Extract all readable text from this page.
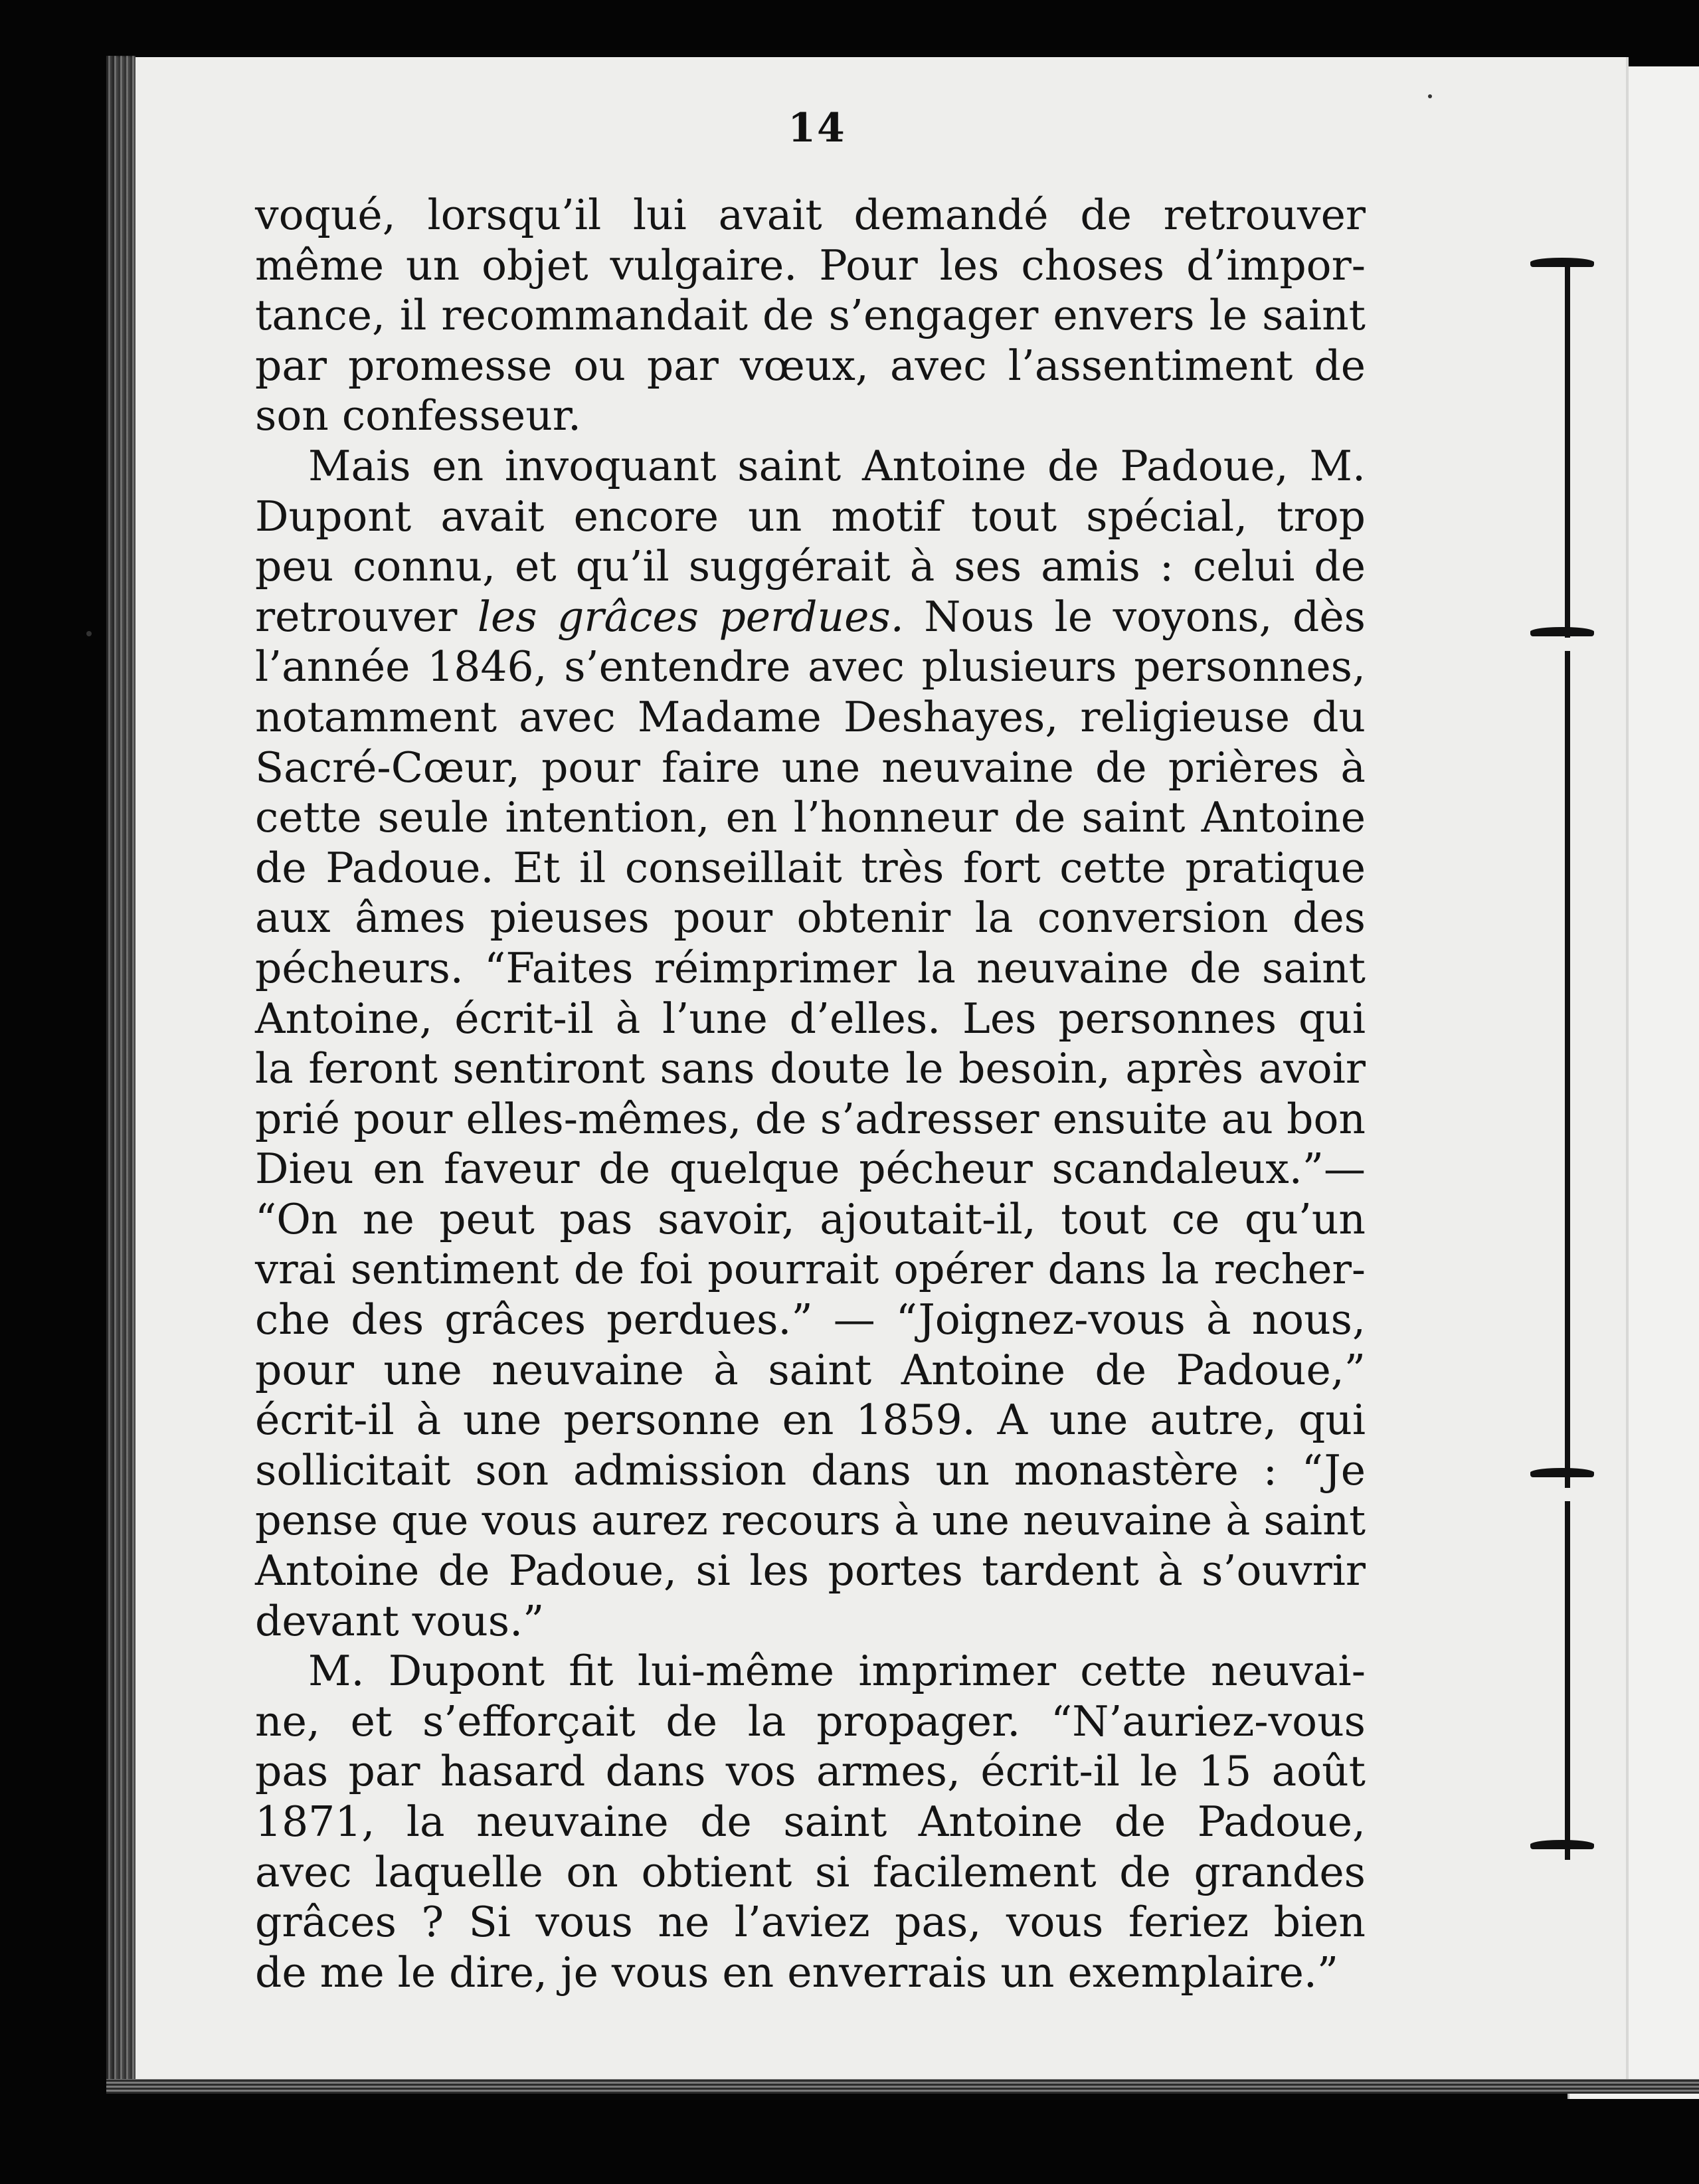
14
voqué, lorsqu’il lui avait demandé de retrouver
même un objet vulgaire. Pour les choses d’impor-
tance, il recommandait de s’engager envers le saint
par promesse ou par vœux, avec l’assentiment de
son confesseur.
Mais en invoquant saint Antoine de Padoue, M.
Dupont avait encore un motif tout spécial, trop
peu connu, et qu’il suggérait à ses amis : celui de
retrouver les grâces perdues. Nous le voyons, dès
l’année 1846, s’entendre avec plusieurs personnes,
notamment avec Madame Deshayes, religieuse du
Sacré-Cœur, pour faire une neuvaine de prières à
cette seule intention, en l’honneur de saint Antoine
de Padoue. Et il conseillait très fort cette pratique
aux âmes pieuses pour obtenir la conversion des
pécheurs. “Faites réimprimer la neuvaine de saint
Antoine, écrit-il à l’une d’elles. Les personnes qui
la feront sentiront sans doute le besoin, après avoir
prié pour elles-mêmes, de s’adresser ensuite au bon
Dieu en faveur de quelque pécheur scandaleux.”—
“On ne peut pas savoir, ajoutait-il, tout ce qu’un
vrai sentiment de foi pourrait opérer dans la recher-
che des grâces perdues.” — “Joignez-vous à nous,
pour une neuvaine à saint Antoine de Padoue,”
écrit-il à une personne en 1859. A une autre, qui
sollicitait son admission dans un monastère : “Je
pense que vous aurez recours à une neuvaine à saint
Antoine de Padoue, si les portes tardent à s’ouvrir
devant vous.”
M. Dupont fit lui-même imprimer cette neuvai-
ne, et s’efforçait de la propager. “N’auriez-vous
pas par hasard dans vos armes, écrit-il le 15 août
1871, la neuvaine de saint Antoine de Padoue,
avec laquelle on obtient si facilement de grandes
grâces ? Si vous ne l’aviez pas, vous feriez bien
de me le dire, je vous en enverrais un exemplaire.”
